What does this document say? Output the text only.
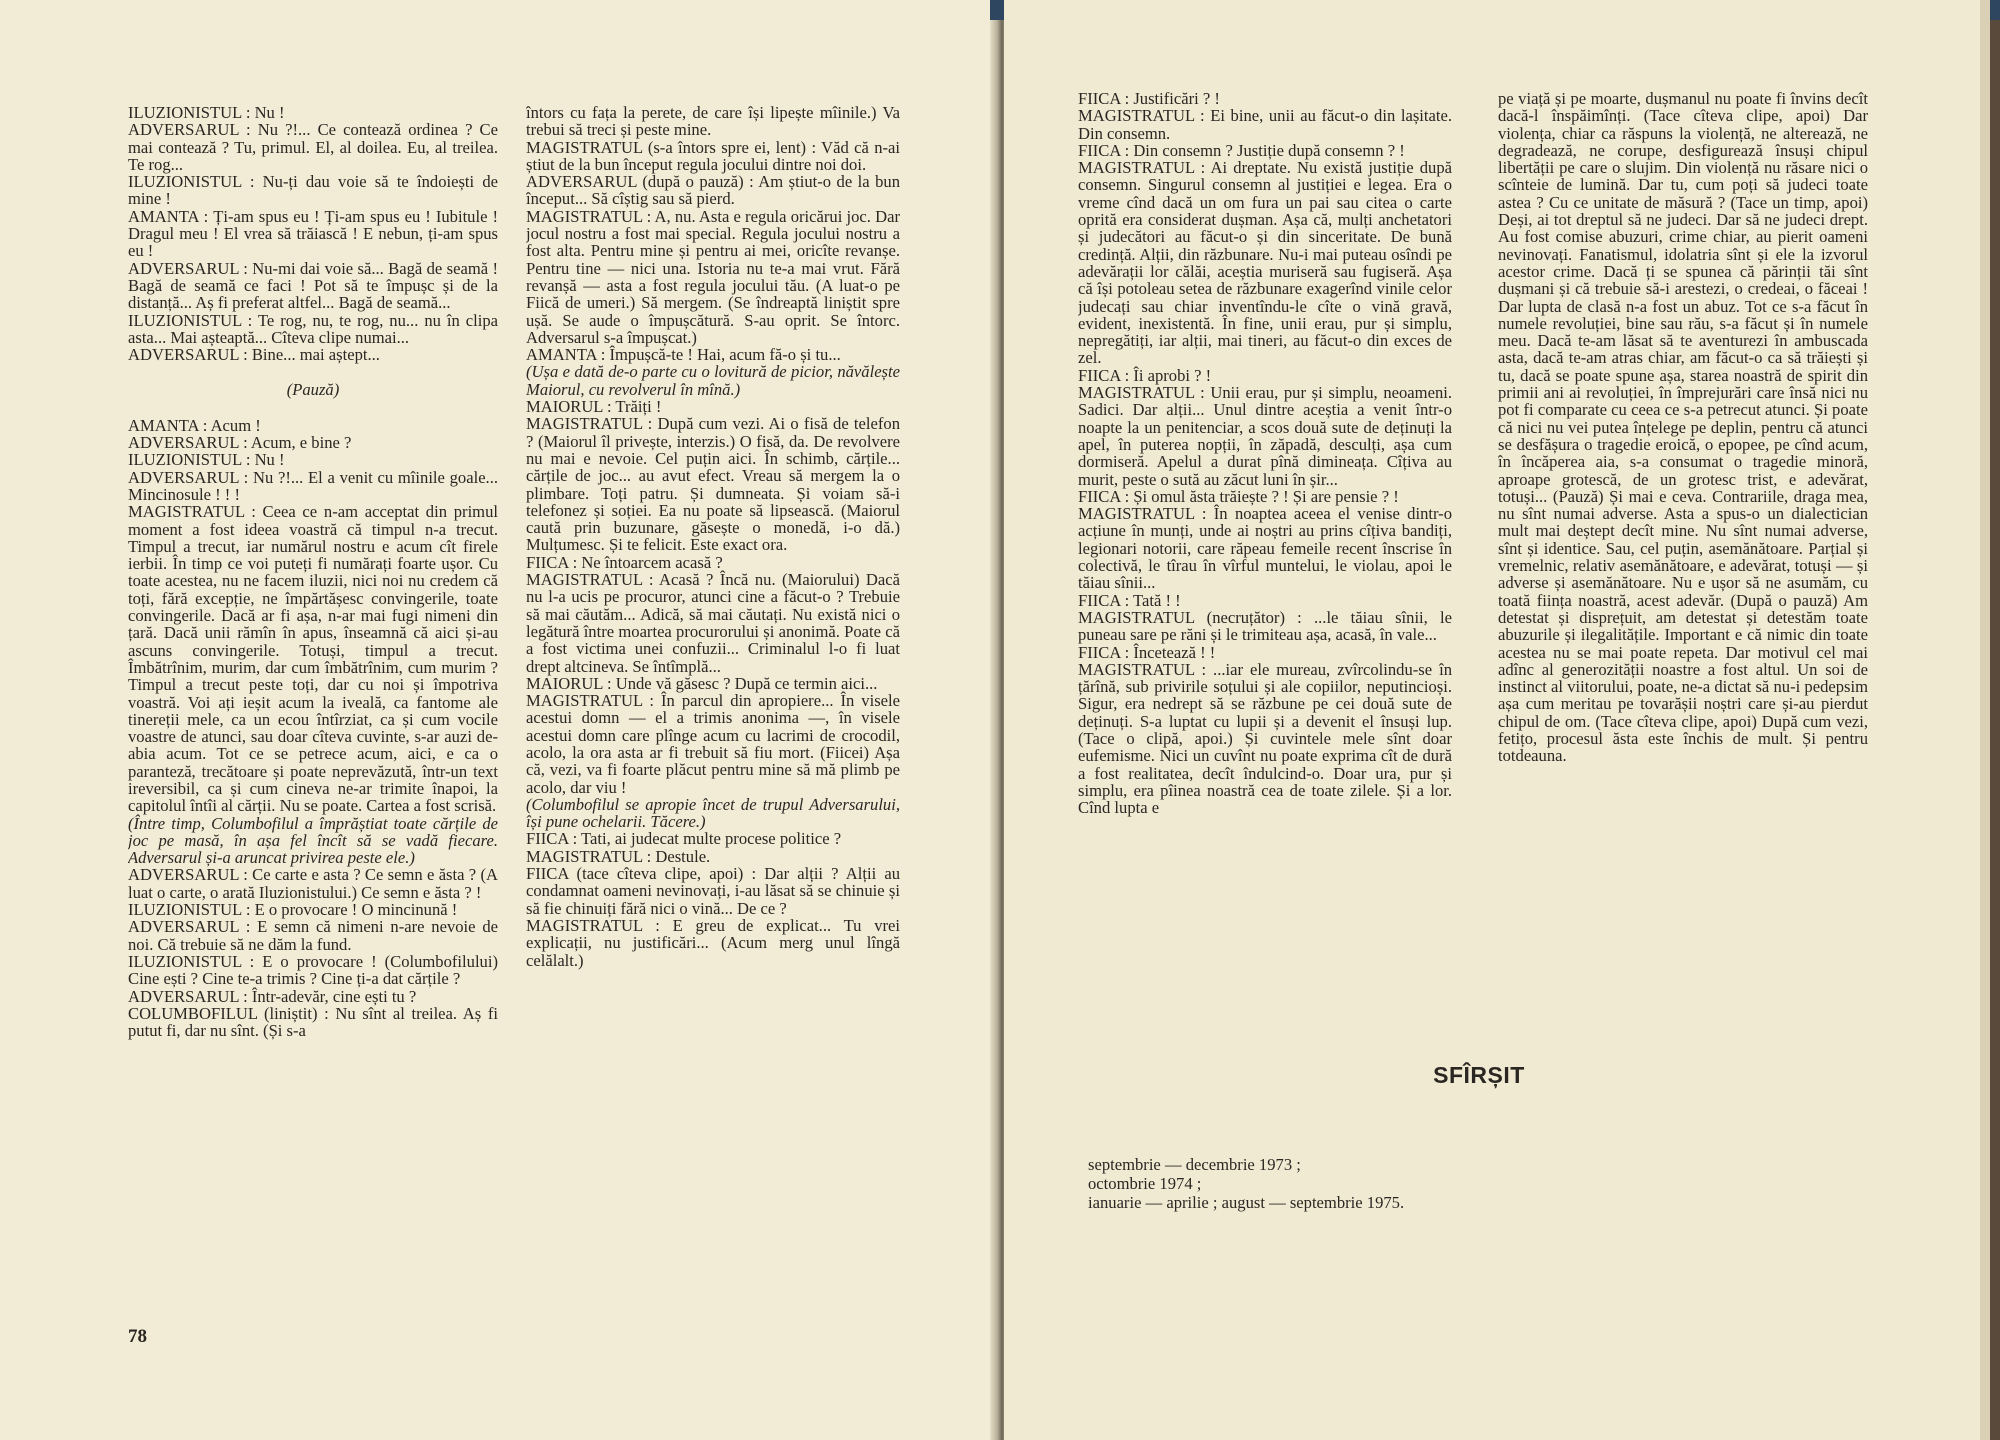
ILUZIONISTUL : Nu !

ADVERSARUL : Nu ?!... Ce contează ordinea ? Ce mai contează ? Tu, primul. El, al doilea. Eu, al treilea. Te rog...

ILUZIONISTUL : Nu-ți dau voie să te îndoiești de mine !

AMANTA : Ți-am spus eu ! Ți-am spus eu ! Iubitule ! Dragul meu ! El vrea să trăiască ! E nebun, ți-am spus eu !

ADVERSARUL : Nu-mi dai voie să... Bagă de seamă ! Bagă de seamă ce faci ! Pot să te împușc și de la distanță... Aș fi preferat altfel... Bagă de seamă...

ILUZIONISTUL : Te rog, nu, te rog, nu... nu în clipa asta... Mai așteaptă... Cîteva clipe numai...

ADVERSARUL : Bine... mai aștept...

(Pauză)

AMANTA : Acum !

ADVERSARUL : Acum, e bine ?

ILUZIONISTUL : Nu !

ADVERSARUL : Nu ?!... El a venit cu mîinile goale... Mincinosule ! ! !

MAGISTRATUL : Ceea ce n-am acceptat din primul moment a fost ideea voastră că timpul n-a trecut. Timpul a trecut, iar numărul nostru e acum cît firele ierbii. În timp ce voi puteți fi numărați foarte ușor. Cu toate acestea, nu ne facem iluzii, nici noi nu credem că toți, fără excepție, ne împărtășesc convingerile, toate convingerile. Dacă ar fi așa, n-ar mai fugi nimeni din țară. Dacă unii rămîn în apus, înseamnă că aici și-au ascuns convingerile. Totuși, timpul a trecut. Îmbătrînim, murim, dar cum îmbătrînim, cum murim ? Timpul a trecut peste toți, dar cu noi și împotriva voastră. Voi ați ieșit acum la iveală, ca fantome ale tinereții mele, ca un ecou întîrziat, ca și cum vocile voastre de atunci, sau doar cîteva cuvinte, s-ar auzi de-abia acum. Tot ce se petrece acum, aici, e ca o paranteză, trecătoare și poate neprevăzută, într-un text ireversibil, ca și cum cineva ne-ar trimite înapoi, la capitolul întîi al cărții. Nu se poate. Cartea a fost scrisă.

(Între timp, Columbofilul a împrăștiat toate cărțile de joc pe masă, în așa fel încît să se vadă fiecare. Adversarul și-a aruncat privirea peste ele.)

ADVERSARUL : Ce carte e asta ? Ce semn e ăsta ? (A luat o carte, o arată Iluzionistului.) Ce semn e ăsta ? !

ILUZIONISTUL : E o provocare ! O mincinună !

ADVERSARUL : E semn că nimeni n-are nevoie de noi. Că trebuie să ne dăm la fund.

ILUZIONISTUL : E o provocare ! (Columbofilului) Cine ești ? Cine te-a trimis ? Cine ți-a dat cărțile ?

ADVERSARUL : Într-adevăr, cine ești tu ?

COLUMBOFILUL (liniștit) : Nu sînt al treilea. Aș fi putut fi, dar nu sînt. (Și s-a

întors cu fața la perete, de care își lipește mîinile.) Va trebui să treci și peste mine.

MAGISTRATUL (s-a întors spre ei, lent) : Văd că n-ai știut de la bun început regula jocului dintre noi doi.

ADVERSARUL (după o pauză) : Am știut-o de la bun început... Să cîștig sau să pierd.

MAGISTRATUL : A, nu. Asta e regula oricărui joc. Dar jocul nostru a fost mai special. Regula jocului nostru a fost alta. Pentru mine și pentru ai mei, oricîte revanșe. Pentru tine — nici una. Istoria nu te-a mai vrut. Fără revanșă — asta a fost regula jocului tău. (A luat-o pe Fiică de umeri.) Să mergem. (Se îndreaptă liniștit spre ușă. Se aude o împușcătură. S-au oprit. Se întorc. Adversarul s-a împușcat.)

AMANTA : Împușcă-te ! Hai, acum fă-o și tu...

(Ușa e dată de-o parte cu o lovitură de picior, năvălește Maiorul, cu revolverul în mînă.)

MAIORUL : Trăiți !

MAGISTRATUL : După cum vezi. Ai o fisă de telefon ? (Maiorul îl privește, interzis.) O fisă, da. De revolvere nu mai e nevoie. Cel puțin aici. În schimb, cărțile... cărțile de joc... au avut efect. Vreau să mergem la o plimbare. Toți patru. Și dumneata. Și voiam să-i telefonez și soției. Ea nu poate să lipsească. (Maiorul caută prin buzunare, găsește o monedă, i-o dă.) Mulțumesc. Și te felicit. Este exact ora.

FIICA : Ne întoarcem acasă ?

MAGISTRATUL : Acasă ? Încă nu. (Maiorului) Dacă nu l-a ucis pe procuror, atunci cine a făcut-o ? Trebuie să mai căutăm... Adică, să mai căutați. Nu există nici o legătură între moartea procurorului și anonimă. Poate că a fost victima unei confuzii... Criminalul l-o fi luat drept altcineva. Se întîmplă...

MAIORUL : Unde vă găsesc ? După ce termin aici...

MAGISTRATUL : În parcul din apropiere... În visele acestui domn — el a trimis anonima —, în visele acestui domn care plînge acum cu lacrimi de crocodil, acolo, la ora asta ar fi trebuit să fiu mort. (Fiicei) Așa că, vezi, va fi foarte plăcut pentru mine să mă plimb pe acolo, dar viu !

(Columbofilul se apropie încet de trupul Adversarului, își pune ochelarii. Tăcere.)

FIICA : Tati, ai judecat multe procese politice ?

MAGISTRATUL : Destule.

FIICA (tace cîteva clipe, apoi) : Dar alții ? Alții au condamnat oameni nevinovați, i-au lăsat să se chinuie și să fie chinuiți fără nici o vină... De ce ?

MAGISTRATUL : E greu de explicat... Tu vrei explicații, nu justificări... (Acum merg unul lîngă celălalt.)

78

FIICA : Justificări ? !

MAGISTRATUL : Ei bine, unii au făcut-o din lașitate. Din consemn.

FIICA : Din consemn ? Justiție după consemn ? !

MAGISTRATUL : Ai dreptate. Nu există justiție după consemn. Singurul consemn al justiției e legea. Era o vreme cînd dacă un om fura un pai sau citea o carte oprită era considerat dușman. Așa că, mulți anchetatori și judecători au făcut-o și din sinceritate. De bună credință. Alții, din răzbunare. Nu-i mai puteau osîndi pe adevărații lor călăi, aceștia muriseră sau fugiseră. Așa că își potoleau setea de răzbunare exagerînd vinile celor judecați sau chiar inventîndu-le cîte o vină gravă, evident, inexistentă. În fine, unii erau, pur și simplu, nepregătiți, iar alții, mai tineri, au făcut-o din exces de zel.

FIICA : Îi aprobi ? !

MAGISTRATUL : Unii erau, pur și simplu, neoameni. Sadici. Dar alții... Unul dintre aceștia a venit într-o noapte la un penitenciar, a scos două sute de deținuți la apel, în puterea nopții, în zăpadă, desculți, așa cum dormiseră. Apelul a durat pînă dimineața. Cîțiva au murit, peste o sută au zăcut luni în șir...

FIICA : Și omul ăsta trăiește ? ! Și are pensie ? !

MAGISTRATUL : În noaptea aceea el venise dintr-o acțiune în munți, unde ai noștri au prins cîțiva bandiți, legionari notorii, care răpeau femeile recent înscrise în colectivă, le tîrau în vîrful muntelui, le violau, apoi le tăiau sînii...

FIICA : Tată ! !

MAGISTRATUL (necruțător) : ...le tăiau sînii, le puneau sare pe răni și le trimiteau așa, acasă, în vale...

FIICA : Încetează ! !

MAGISTRATUL : ...iar ele mureau, zvîrcolindu-se în țărînă, sub privirile soțului și ale copiilor, neputincioși. Sigur, era nedrept să se răzbune pe cei două sute de deținuți. S-a luptat cu lupii și a devenit el însuși lup. (Tace o clipă, apoi.) Și cuvintele mele sînt doar eufemisme. Nici un cuvînt nu poate exprima cît de dură a fost realitatea, decît îndulcind-o. Doar ura, pur și simplu, era pîinea noastră cea de toate zilele. Și a lor. Cînd lupta e

pe viață și pe moarte, dușmanul nu poate fi învins decît dacă-l înspăimînți. (Tace cîteva clipe, apoi) Dar violența, chiar ca răspuns la violență, ne alterează, ne degradează, ne corupe, desfigurează însuși chipul libertății pe care o slujim. Din violență nu răsare nici o scînteie de lumină. Dar tu, cum poți să judeci toate astea ? Cu ce unitate de măsură ? (Tace un timp, apoi) Deși, ai tot dreptul să ne judeci. Dar să ne judeci drept. Au fost comise abuzuri, crime chiar, au pierit oameni nevinovați. Fanatismul, idolatria sînt și ele la izvorul acestor crime. Dacă ți se spunea că părinții tăi sînt dușmani și că trebuie să-i arestezi, o credeai, o făceai ! Dar lupta de clasă n-a fost un abuz. Tot ce s-a făcut în numele revoluției, bine sau rău, s-a făcut și în numele meu. Dacă te-am lăsat să te aventurezi în ambuscada asta, dacă te-am atras chiar, am făcut-o ca să trăiești și tu, dacă se poate spune așa, starea noastră de spirit din primii ani ai revoluției, în împrejurări care însă nici nu pot fi comparate cu ceea ce s-a petrecut atunci. Și poate că nici nu vei putea înțelege pe deplin, pentru că atunci se desfășura o tragedie eroică, o epopee, pe cînd acum, în încăperea aia, s-a consumat o tragedie minoră, aproape grotescă, de un grotesc trist, e adevărat, totuși... (Pauză) Și mai e ceva. Contrariile, draga mea, nu sînt numai adverse. Asta a spus-o un dialectician mult mai deștept decît mine. Nu sînt numai adverse, sînt și identice. Sau, cel puțin, asemănătoare. Parțial și vremelnic, relativ asemănătoare, e adevărat, totuși — și adverse și asemănătoare. Nu e ușor să ne asumăm, cu toată ființa noastră, acest adevăr. (După o pauză) Am detestat și disprețuit, am detestat și detestăm toate abuzurile și ilegalitățile. Important e că nimic din toate acestea nu se mai poate repeta. Dar motivul cel mai adînc al generozității noastre a fost altul. Un soi de instinct al viitorului, poate, ne-a dictat să nu-i pedepsim așa cum meritau pe tovarășii noștri care și-au pierdut chipul de om. (Tace cîteva clipe, apoi) După cum vezi, fetițo, procesul ăsta este închis de mult. Și pentru totdeauna.

SFÎRȘIT

septembrie — decembrie 1973 ;

octombrie 1974 ;

ianuarie — aprilie ; august — septembrie 1975.
